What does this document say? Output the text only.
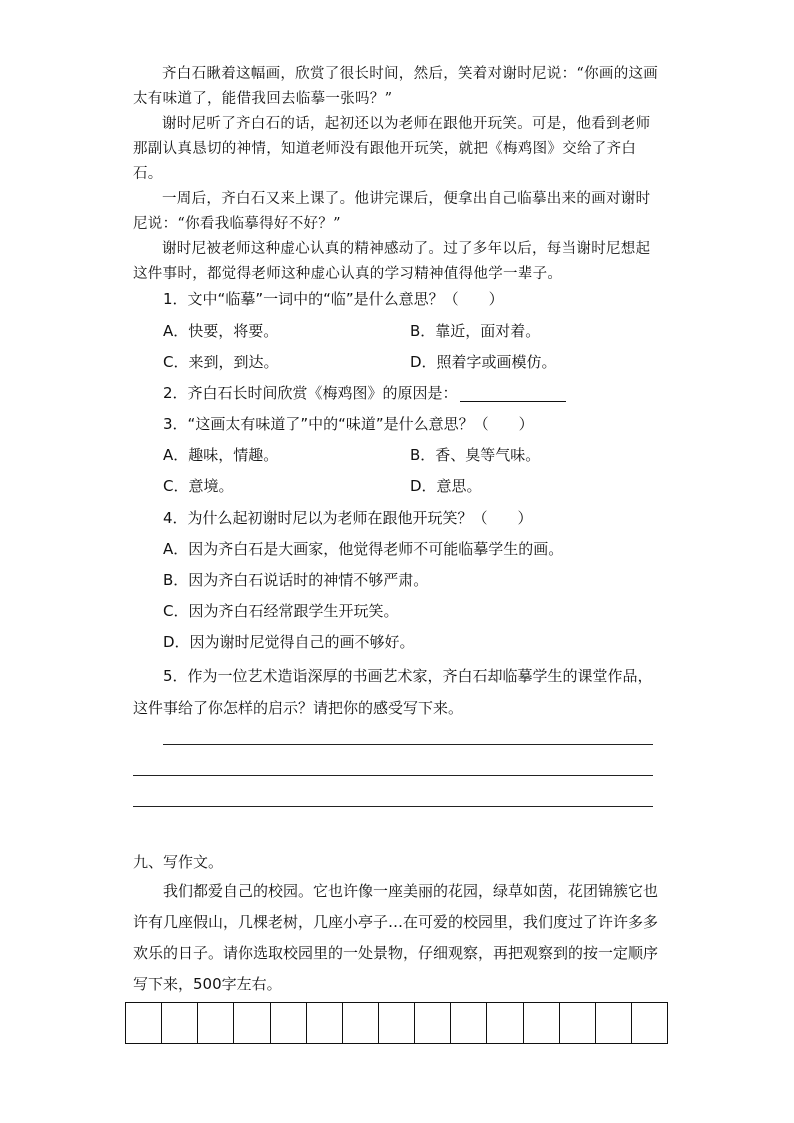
齐白石瞅着这幅画，欣赏了很长时间，然后，笑着对谢时尼说：“你画的这画太有味道了，能借我回去临摹一张吗？”

谢时尼听了齐白石的话，起初还以为老师在跟他开玩笑。可是，他看到老师那副认真恳切的神情，知道老师没有跟他开玩笑，就把《梅鸡图》交给了齐白石。

一周后，齐白石又来上课了。他讲完课后，便拿出自己临摹出来的画对谢时尼说：“你看我临摹得好不好？”

谢时尼被老师这种虚心认真的精神感动了。过了多年以后，每当谢时尼想起这件事时，都觉得老师这种虚心认真的学习精神值得他学一辈子。

1．文中“临摹”一词中的“临”是什么意思？（　　）

A．快要，将要。	B．靠近，面对着。

C．来到，到达。	D．照着字或画模仿。

2．齐白石长时间欣赏《梅鸡图》的原因是：

3．“这画太有味道了”中的“味道”是什么意思？（　　）

A．趣味，情趣。	B．香、臭等气味。

C．意境。	D．意思。

4．为什么起初谢时尼以为老师在跟他开玩笑？（　　）

A．因为齐白石是大画家，他觉得老师不可能临摹学生的画。

B．因为齐白石说话时的神情不够严肃。

C．因为齐白石经常跟学生开玩笑。

D．因为谢时尼觉得自己的画不够好。

5．作为一位艺术造诣深厚的书画艺术家，齐白石却临摹学生的课堂作品，这件事给了你怎样的启示？请把你的感受写下来。

九、写作文。

我们都爱自己的校园。它也许像一座美丽的花园，绿草如茵，花团锦簇它也许有几座假山，几棵老树，几座小亭子…在可爱的校园里，我们度过了许许多多欢乐的日子。请你选取校园里的一处景物，仔细观察，再把观察到的按一定顺序写下来，500字左右。
